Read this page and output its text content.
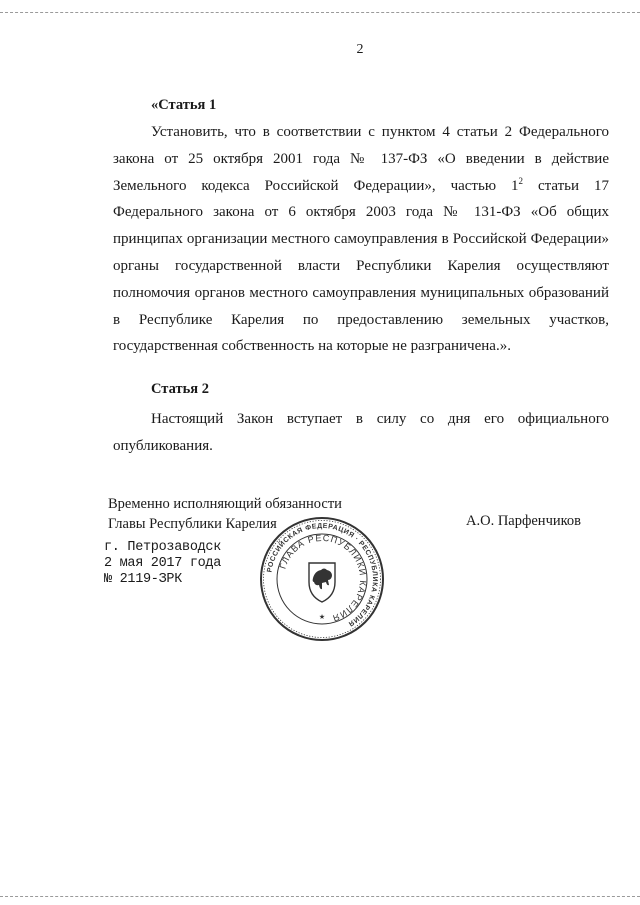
2
«Статья 1

Установить, что в соответствии с пунктом 4 статьи 2 Федерального закона от 25 октября 2001 года № 137-ФЗ «О введении в действие Земельного кодекса Российской Федерации», частью $1^2$ статьи 17 Федерального закона от 6 октября 2003 года № 131-ФЗ «Об общих принципах организации местного самоуправления в Российской Федерации» органы государственной власти Республики Карелия осуществляют полномочия органов местного самоуправления муниципальных образований в Республике Карелия по предоставлению земельных участков, государственная собственность на которые не разграничена.».

Статья 2

Настоящий Закон вступает в силу со дня его официального опубликования.

Временно исполняющий обязанности
Главы Республики Карелия	А.О. Парфенчиков
г. Петрозаводск
2 мая 2017 года
№ 2119-ЗРК
РОССИЙСКАЯ ФЕДЕРАЦИЯ · РЕСПУБЛИКА КАРЕЛИЯ
ГЛАВА РЕСПУБЛИКИ КАРЕЛИЯ
★
